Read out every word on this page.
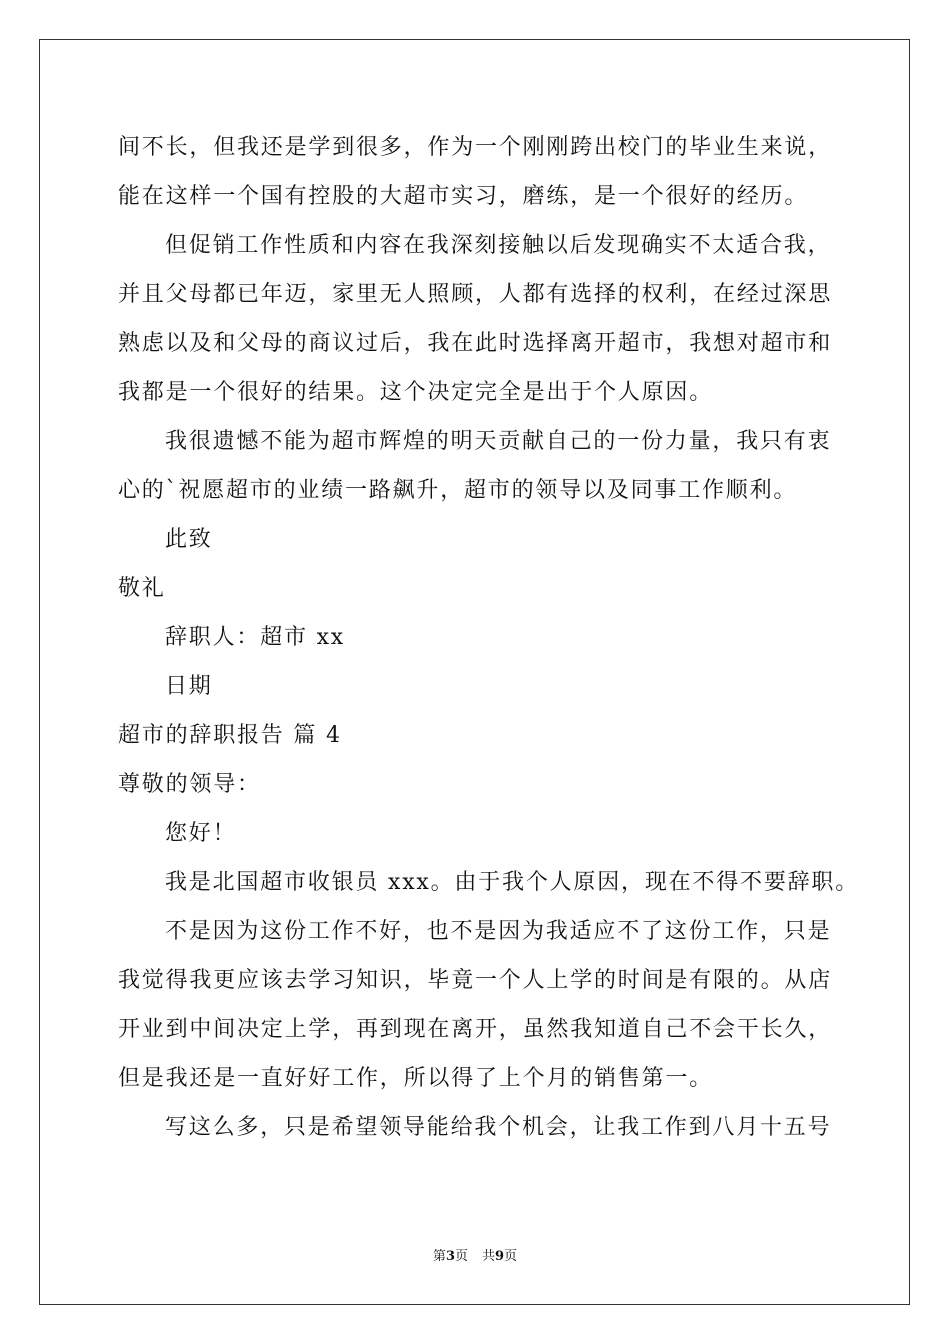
间不长，但我还是学到很多，作为一个刚刚跨出校门的毕业生来说，
能在这样一个国有控股的大超市实习，磨练，是一个很好的经历。
但促销工作性质和内容在我深刻接触以后发现确实不太适合我，
并且父母都已年迈，家里无人照顾，人都有选择的权利，在经过深思
熟虑以及和父母的商议过后，我在此时选择离开超市，我想对超市和
我都是一个很好的结果。这个决定完全是出于个人原因。
我很遗憾不能为超市辉煌的明天贡献自己的一份力量，我只有衷
心的`祝愿超市的业绩一路飙升，超市的领导以及同事工作顺利。
此致
敬礼
辞职人：超市 xx
日期
超市的辞职报告 篇 4
尊敬的领导：
您好！
我是北国超市收银员 xxx。由于我个人原因，现在不得不要辞职。
不是因为这份工作不好，也不是因为我适应不了这份工作，只是
我觉得我更应该去学习知识，毕竟一个人上学的时间是有限的。从店
开业到中间决定上学，再到现在离开，虽然我知道自己不会干长久，
但是我还是一直好好工作，所以得了上个月的销售第一。
写这么多，只是希望领导能给我个机会，让我工作到八月十五号
第3页 共9页
